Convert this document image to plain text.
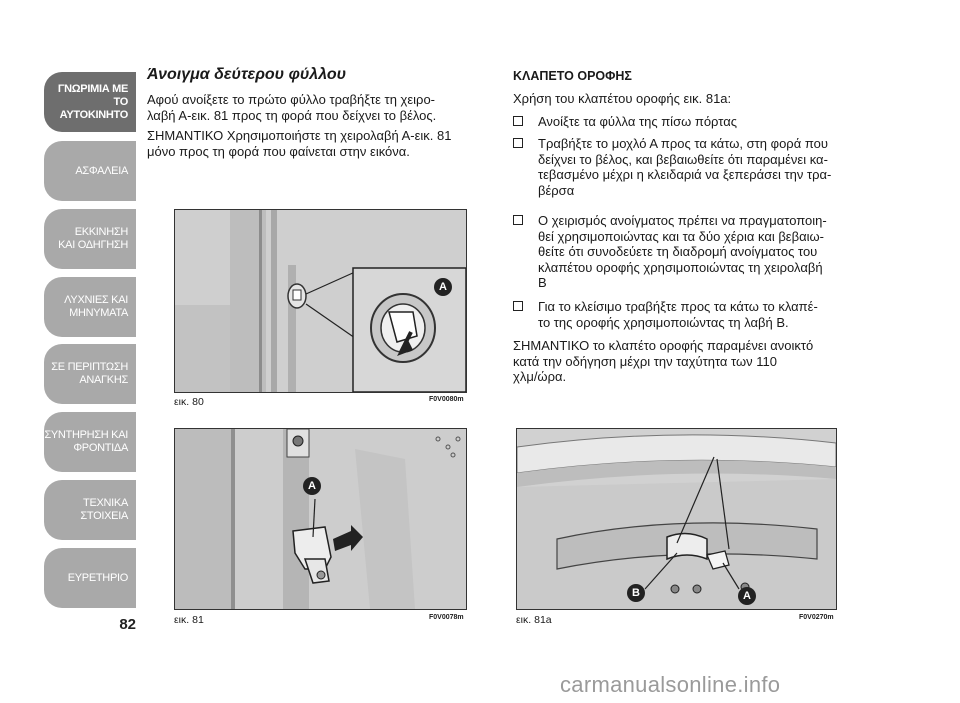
ΓΝΩΡΙΜΙΑ ΜΕ
ΤΟ ΑΥΤΟΚΙΝΗΤΟ
ΑΣΦΑΛΕΙΑ
ΕΚΚΙΝΗΣΗ
ΚΑΙ ΟΔΗΓΗΣΗ
ΛΥΧΝΙΕΣ ΚΑΙ
ΜΗΝΥΜΑΤΑ
ΣΕ ΠΕΡΙΠΤΩΣΗ
ΑΝΑΓΚΗΣ
ΣΥΝΤΗΡΗΣΗ ΚΑΙ
ΦΡΟΝΤΙΔΑ
ΤΕΧΝΙΚΑ
ΣΤΟΙΧΕΙΑ
ΕΥΡΕΤΗΡΙΟ
82
Άνοιγμα δεύτερου φύλλου
Αφού ανοίξετε το πρώτο φύλλο τραβήξτε τη χειρο-
λαβή Α-εικ. 81 προς τη φορά που δείχνει το βέλος.
ΣΗΜΑΝΤΙΚΟ Χρησιμοποιήστε τη χειρολαβή Α-εικ. 81
μόνο προς τη φορά που φαίνεται στην εικόνα.
A
εικ. 80	F0V0080m
A
εικ. 81	F0V0078m
ΚΛΑΠΕΤΟ ΟΡΟΦΗΣ
Χρήση του κλαπέτου οροφής εικ. 81a:
Ανοίξτε τα φύλλα της πίσω πόρτας
Τραβήξτε το μοχλό Α προς τα κάτω, στη φορά που
δείχνει το βέλος, και βεβαιωθείτε ότι παραμένει κα-
τεβασμένο μέχρι η κλειδαριά να ξεπεράσει την τρα-
βέρσα
Ο χειρισμός ανοίγματος πρέπει να πραγματοποιη-
θεί χρησιμοποιώντας και τα δύο χέρια και βεβαιω-
θείτε ότι συνοδεύετε τη διαδρομή ανοίγματος του
κλαπέτου οροφής χρησιμοποιώντας τη χειρολαβή
B
Για το κλείσιμο τραβήξτε προς τα κάτω το κλαπέ-
το της οροφής χρησιμοποιώντας τη λαβή B.
ΣΗΜΑΝΤΙΚΟ το κλαπέτο οροφής παραμένει ανοικτό
κατά την οδήγηση μέχρι την ταχύτητα των 110
χλμ/ώρα.
B	A
εικ. 81a	F0V0270m
carmanualsonline.info
